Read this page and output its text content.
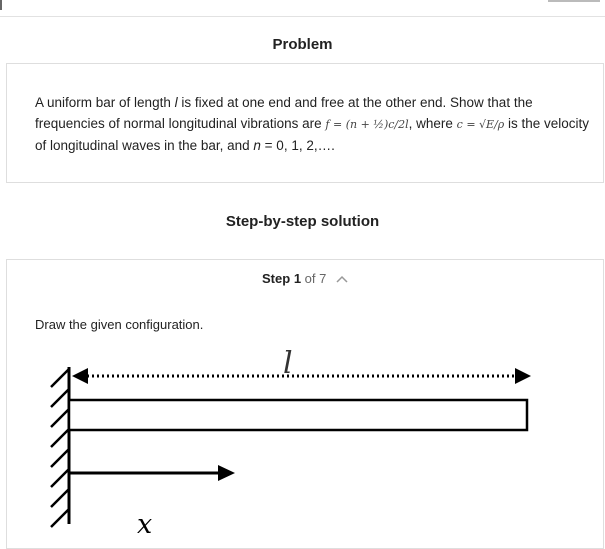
Problem
A uniform bar of length l is fixed at one end and free at the other end. Show that the frequencies of normal longitudinal vibrations are f = (n + ½)c/2l, where c = √E/ρ is the velocity of longitudinal waves in the bar, and n = 0, 1, 2,….
Step-by-step solution
Step 1 of 7
Draw the given configuration.
l
x
